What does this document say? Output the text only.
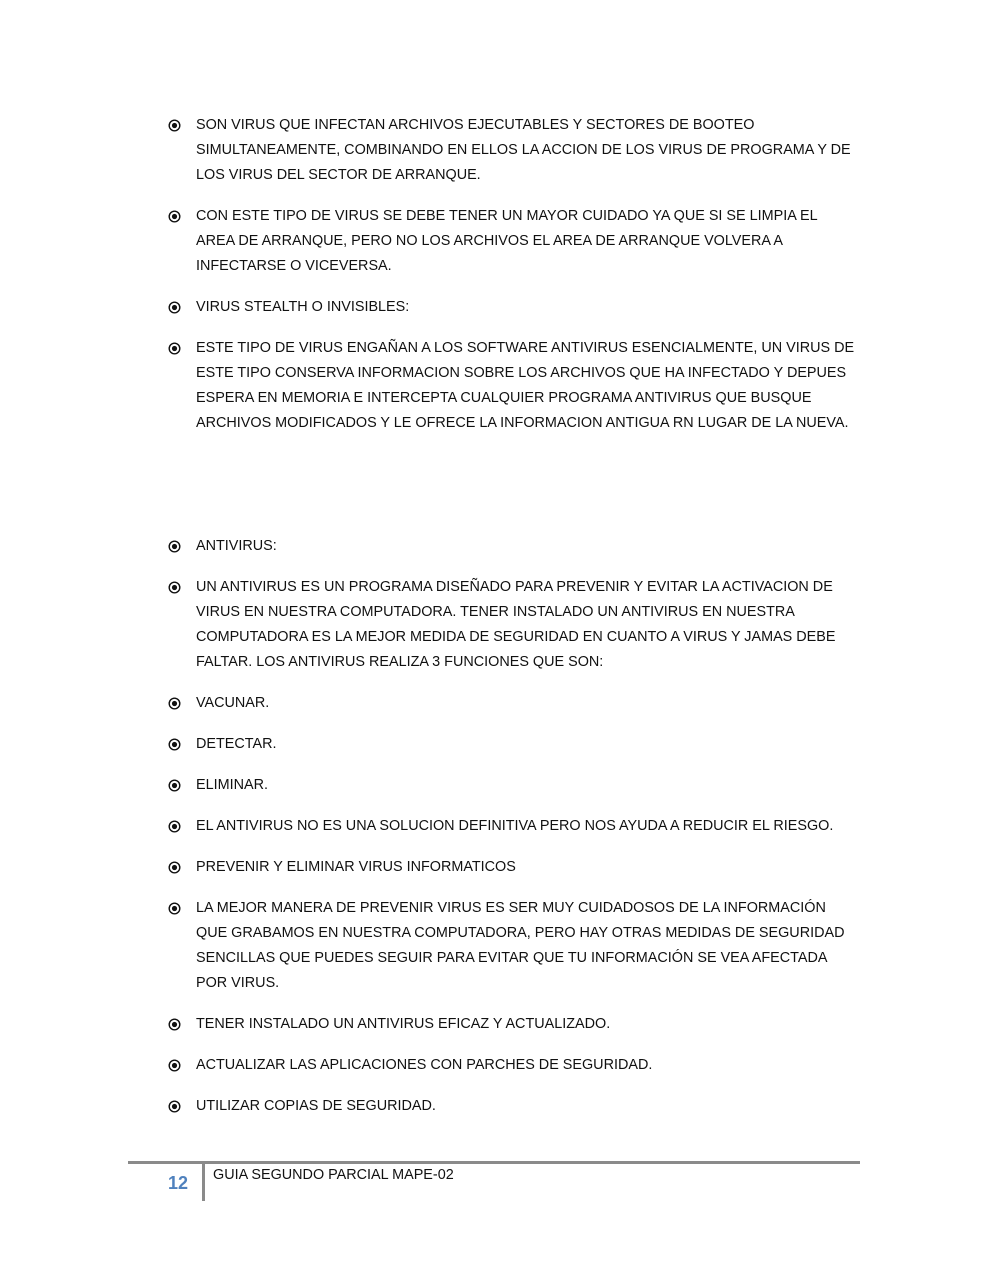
SON VIRUS QUE INFECTAN ARCHIVOS EJECUTABLES Y SECTORES DE BOOTEO SIMULTANEAMENTE, COMBINANDO EN ELLOS LA ACCION DE LOS VIRUS DE PROGRAMA Y DE LOS VIRUS DEL SECTOR DE ARRANQUE.
CON ESTE TIPO DE VIRUS SE DEBE TENER UN MAYOR CUIDADO YA QUE SI SE LIMPIA EL AREA DE ARRANQUE, PERO NO LOS ARCHIVOS EL AREA DE ARRANQUE VOLVERA A INFECTARSE O VICEVERSA.
VIRUS STEALTH O INVISIBLES:
ESTE TIPO DE VIRUS ENGAÑAN A LOS SOFTWARE ANTIVIRUS ESENCIALMENTE, UN VIRUS DE ESTE TIPO CONSERVA INFORMACION SOBRE LOS ARCHIVOS QUE HA INFECTADO Y DEPUES ESPERA EN MEMORIA E INTERCEPTA CUALQUIER PROGRAMA ANTIVIRUS QUE BUSQUE ARCHIVOS MODIFICADOS Y LE OFRECE LA INFORMACION ANTIGUA RN LUGAR DE LA NUEVA.
ANTIVIRUS:
UN ANTIVIRUS ES UN PROGRAMA DISEÑADO PARA PREVENIR Y EVITAR LA ACTIVACION DE VIRUS EN NUESTRA COMPUTADORA. TENER INSTALADO UN ANTIVIRUS EN NUESTRA COMPUTADORA ES LA MEJOR MEDIDA DE SEGURIDAD EN CUANTO A VIRUS Y JAMAS DEBE FALTAR. LOS ANTIVIRUS REALIZA 3 FUNCIONES QUE SON:
VACUNAR.
DETECTAR.
ELIMINAR.
EL ANTIVIRUS NO ES UNA SOLUCION DEFINITIVA PERO NOS AYUDA A REDUCIR EL RIESGO.
PREVENIR Y ELIMINAR VIRUS INFORMATICOS
LA MEJOR MANERA DE PREVENIR VIRUS ES SER MUY CUIDADOSOS DE LA INFORMACIÓN QUE GRABAMOS EN NUESTRA COMPUTADORA, PERO HAY OTRAS MEDIDAS DE SEGURIDAD SENCILLAS QUE PUEDES SEGUIR PARA EVITAR QUE TU INFORMACIÓN SE VEA AFECTADA POR VIRUS.
TENER INSTALADO UN ANTIVIRUS EFICAZ Y ACTUALIZADO.
ACTUALIZAR LAS APLICACIONES CON PARCHES DE SEGURIDAD.
UTILIZAR COPIAS DE SEGURIDAD.
12	GUIA SEGUNDO PARCIAL MAPE-02
